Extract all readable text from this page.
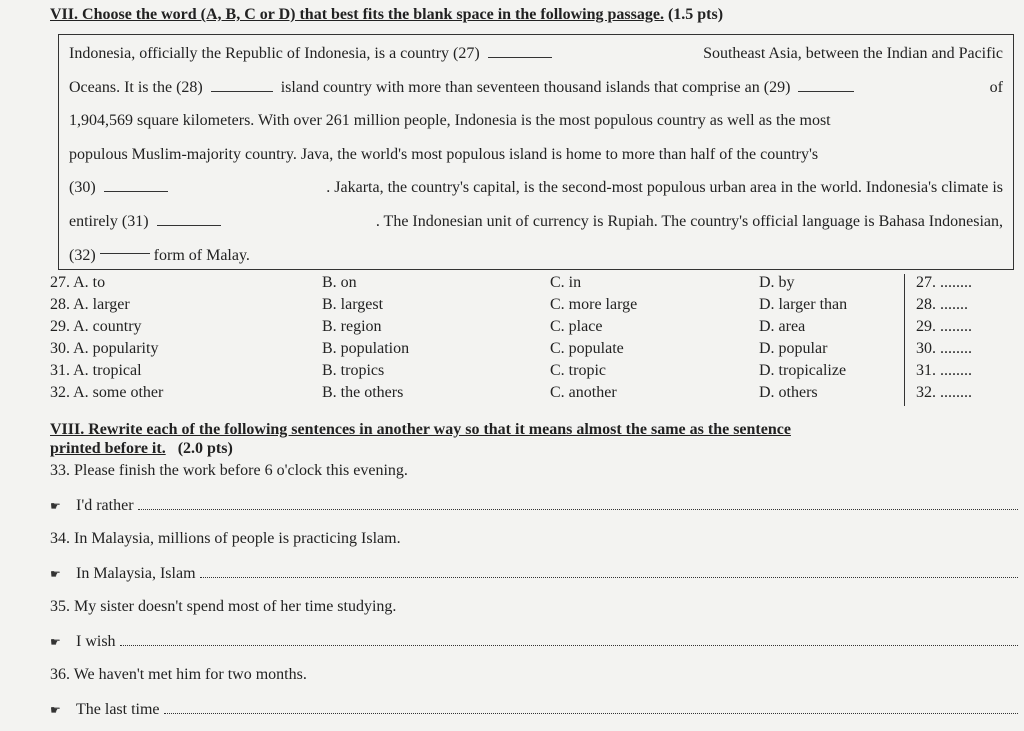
VII. Choose the word (A, B, C or D) that best fits the blank space in the following passage. (1.5 pts)
Indonesia, officially the Republic of Indonesia, is a country (27)	Southeast Asia, between the Indian and Pacific
Oceans. It is the (28)	island country with more than seventeen thousand islands that comprise an (29)	of
1,904,569 square kilometers. With over 261 million people, Indonesia is the most populous country as well as the most
populous Muslim-majority country. Java, the world's most populous island is home to more than half of the country's
(30)	. Jakarta, the country's capital, is the second-most populous urban area in the world. Indonesia's climate is
entirely (31)	. The Indonesian unit of currency is Rupiah. The country's official language is Bahasa Indonesian,
(32)	form of Malay.
27. A. to	B. on	C. in	D. by	27. ........
28. A. larger	B. largest	C. more large	D. larger than	28. .......
29. A. country	B. region	C. place	D. area	29. ........
30. A. popularity	B. population	C. populate	D. popular	30. ........
31. A. tropical	B. tropics	C. tropic	D. tropicalize	31. ........
32. A. some other	B. the others	C. another	D. others	32. ........
VIII. Rewrite each of the following sentences in another way so that it means almost the same as the sentence
printed before it. (2.0 pts)
33. Please finish the work before 6 o'clock this evening.
☛ I'd rather
34. In Malaysia, millions of people is practicing Islam.
☛ In Malaysia, Islam
35. My sister doesn't spend most of her time studying.
☛ I wish
36. We haven't met him for two months.
☛ The last time
